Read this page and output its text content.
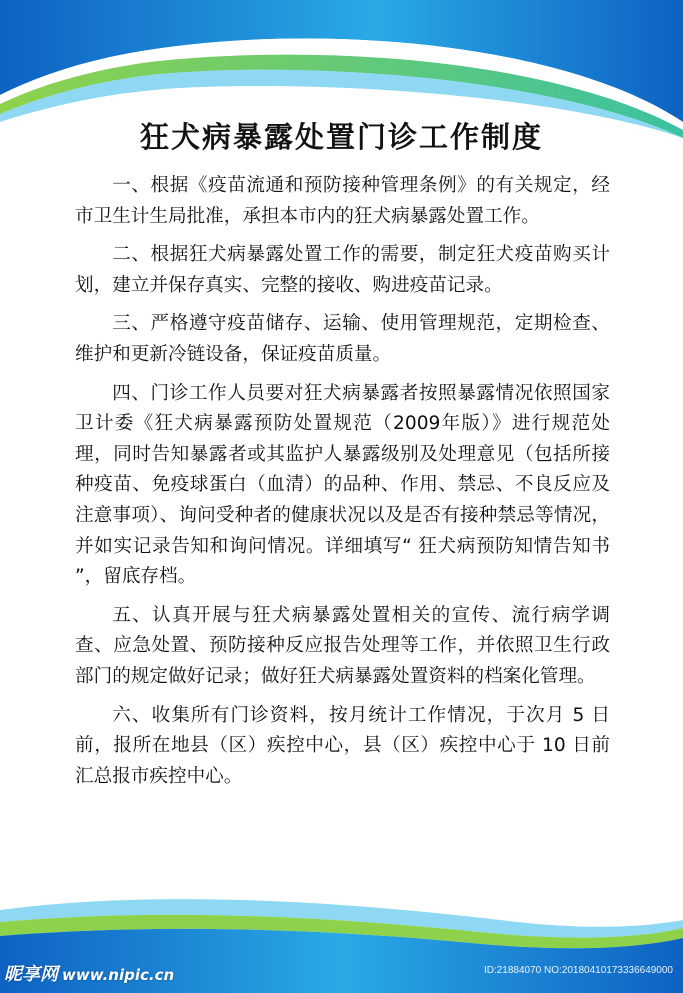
狂犬病暴露处置门诊工作制度

一、根据《疫苗流通和预防接种管理条例》的有关规定，经市卫生计生局批准，承担本市内的狂犬病暴露处置工作。

二、根据狂犬病暴露处置工作的需要，制定狂犬疫苗购买计划，建立并保存真实、完整的接收、购进疫苗记录。

三、严格遵守疫苗储存、运输、使用管理规范，定期检查、维护和更新冷链设备，保证疫苗质量。

四、门诊工作人员要对狂犬病暴露者按照暴露情况依照国家卫计委《狂犬病暴露预防处置规范（2009年版）》进行规范处理，同时告知暴露者或其监护人暴露级别及处理意见（包括所接种疫苗、免疫球蛋白（血清）的品种、作用、禁忌、不良反应及注意事项）、询问受种者的健康状况以及是否有接种禁忌等情况，并如实记录告知和询问情况。详细填写“ 狂犬病预防知情告知书 ”，留底存档。

五、认真开展与狂犬病暴露处置相关的宣传、流行病学调查、应急处置、预防接种反应报告处理等工作，并依照卫生行政部门的规定做好记录；做好狂犬病暴露处置资料的档案化管理。

六、收集所有门诊资料，按月统计工作情况，于次月 5 日前，报所在地县（区）疾控中心，县（区）疾控中心于 10 日前汇总报市疾控中心。

昵享网 www.nipic.cn	ID:21884070 NO:20180410173336649000
